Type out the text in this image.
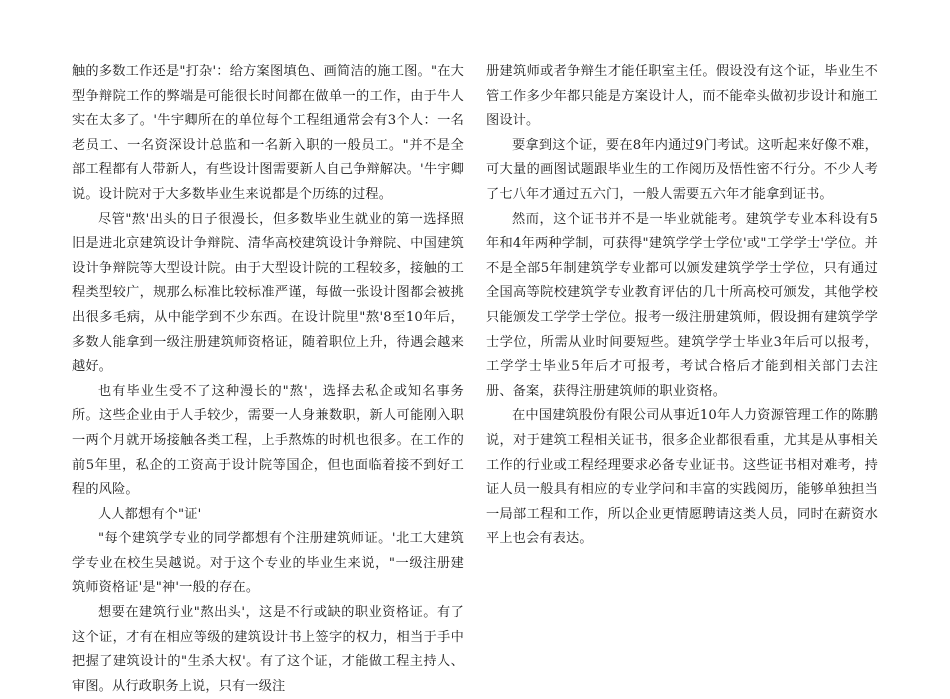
触的多数工作还是"打杂'：给方案图填色、画简洁的施工图。"在大型争辩院工作的弊端是可能很长时间都在做单一的工作，由于牛人实在太多了。'牛宇卿所在的单位每个工程组通常会有3个人：一名老员工、一名资深设计总监和一名新入职的一般员工。"并不是全部工程都有人带新人，有些设计图需要新人自己争辩解决。'牛宇卿说。设计院对于大多数毕业生来说都是个历练的过程。

尽管"熬'出头的日子很漫长，但多数毕业生就业的第一选择照旧是进北京建筑设计争辩院、清华高校建筑设计争辩院、中国建筑设计争辩院等大型设计院。由于大型设计院的工程较多，接触的工程类型较广，规那么标准比较标准严谨，每做一张设计图都会被挑出很多毛病，从中能学到不少东西。在设计院里"熬'8至10年后，多数人能拿到一级注册建筑师资格证，随着职位上升，待遇会越来越好。

也有毕业生受不了这种漫长的"熬'，选择去私企或知名事务所。这些企业由于人手较少，需要一人身兼数职，新人可能刚入职一两个月就开场接触各类工程，上手熬炼的时机也很多。在工作的前5年里，私企的工资高于设计院等国企，但也面临着接不到好工程的风险。

人人都想有个"证'

"每个建筑学专业的同学都想有个注册建筑师证。'北工大建筑学专业在校生吴越说。对于这个专业的毕业生来说，"一级注册建筑师资格证'是"神'一般的存在。

想要在建筑行业"熬出头'，这是不行或缺的职业资格证。有了这个证，才有在相应等级的建筑设计书上签字的权力，相当于手中把握了建筑设计的"生杀大权'。有了这个证，才能做工程主持人、审图。从行政职务上说，只有一级注

册建筑师或者争辩生才能任职室主任。假设没有这个证，毕业生不管工作多少年都只能是方案设计人，而不能牵头做初步设计和施工图设计。

要拿到这个证，要在8年内通过9门考试。这听起来好像不难，可大量的画图试题跟毕业生的工作阅历及悟性密不行分。不少人考了七八年才通过五六门，一般人需要五六年才能拿到证书。

然而，这个证书并不是一毕业就能考。建筑学专业本科设有5年和4年两种学制，可获得"建筑学学士学位'或"工学学士'学位。并不是全部5年制建筑学专业都可以颁发建筑学学士学位，只有通过全国高等院校建筑学专业教育评估的几十所高校可颁发，其他学校只能颁发工学学士学位。报考一级注册建筑师，假设拥有建筑学学士学位，所需从业时间要短些。建筑学学士毕业3年后可以报考，工学学士毕业5年后才可报考，考试合格后才能到相关部门去注册、备案，获得注册建筑师的职业资格。

在中国建筑股份有限公司从事近10年人力资源管理工作的陈鹏说，对于建筑工程相关证书，很多企业都很看重，尤其是从事相关工作的行业或工程经理要求必备专业证书。这些证书相对难考，持证人员一般具有相应的专业学问和丰富的实践阅历，能够单独担当一局部工程和工作，所以企业更情愿聘请这类人员，同时在薪资水平上也会有表达。
